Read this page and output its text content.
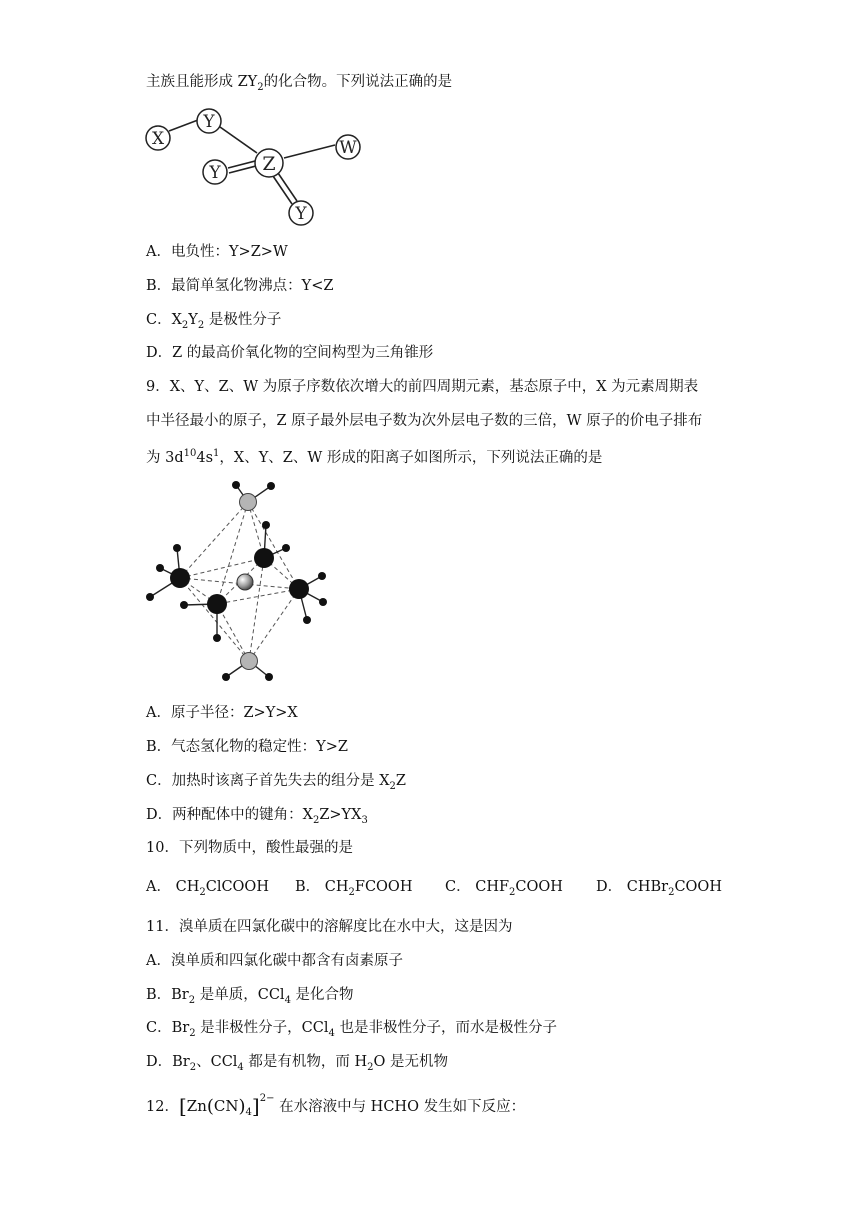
主族且能形成 $ZY_2$的化合物。下列说法正确的是
X
Y
Y Z
W
Y
A．电负性：Y>Z>W
B．最简单氢化物沸点：Y<Z
C．$X_2Y_2$ 是极性分子
D．Z 的最高价氧化物的空间构型为三角锥形
9．X、Y、Z、W 为原子序数依次增大的前四周期元素，基态原子中，X 为元素周期表
中半径最小的原子，Z 原子最外层电子数为次外层电子数的三倍，W 原子的价电子排布
为 $3d^{10}4s^1$，X、Y、Z、W 形成的阳离子如图所示，下列说法正确的是
A．原子半径：Z>Y>X
B．气态氢化物的稳定性：Y>Z
C．加热时该离子首先失去的组分是 $X_2Z$
D．两种配体中的键角：$X_2Z>YX_3$
10．下列物质中，酸性最强的是
A． $CH_2ClCOOH$ B． $CH_2FCOOH$ C． $CHF_2COOH$ D． CHBr$_2$COOH
11．溴单质在四氯化碳中的溶解度比在水中大，这是因为
A．溴单质和四氯化碳中都含有卤素原子
B．$Br_2$ 是单质，CCl$_4$ 是化合物
C．$Br_2$ 是非极性分子，CCl$_4$ 也是非极性分子，而水是极性分子
D．$Br_2$、CCl$_4$ 都是有机物，而 $H_2O$ 是无机物
12．$[Zn(CN)_4]^{2-}$ 在水溶液中与 HCHO 发生如下反应：
